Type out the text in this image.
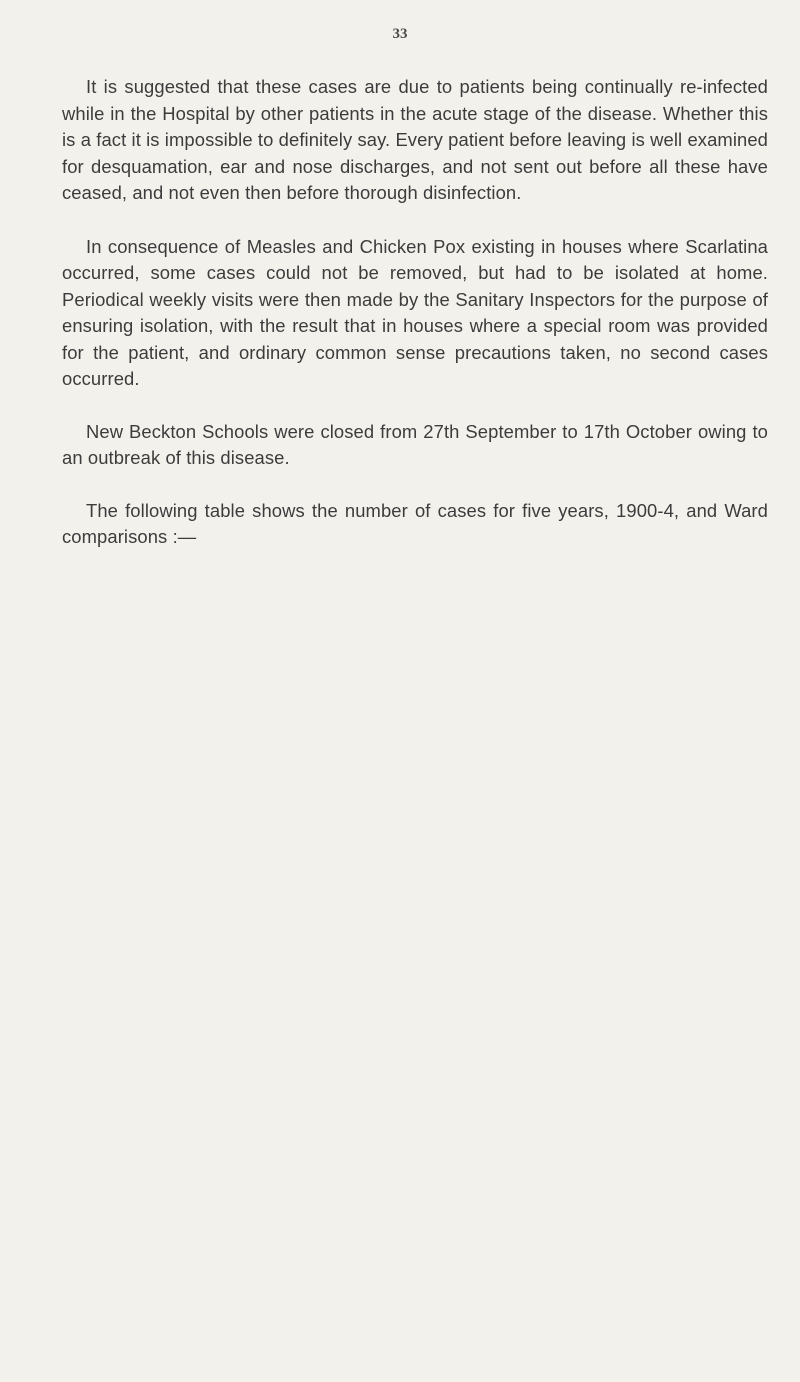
33

It is suggested that these cases are due to patients being continually re-infected while in the Hospital by other patients in the acute stage of the disease. Whether this is a fact it is impossible to definitely say. Every patient before leaving is well examined for desquamation, ear and nose discharges, and not sent out before all these have ceased, and not even then before thorough disinfection.

In consequence of Measles and Chicken Pox existing in houses where Scarlatina occurred, some cases could not be removed, but had to be isolated at home. Periodical weekly visits were then made by the Sanitary Inspectors for the purpose of ensuring isolation, with the result that in houses where a special room was provided for the patient, and ordinary common sense precautions taken, no second cases occurred.

New Beckton Schools were closed from 27th September to 17th October owing to an outbreak of this disease.

The following table shows the number of cases for five years, 1900-4, and Ward comparisons :—
